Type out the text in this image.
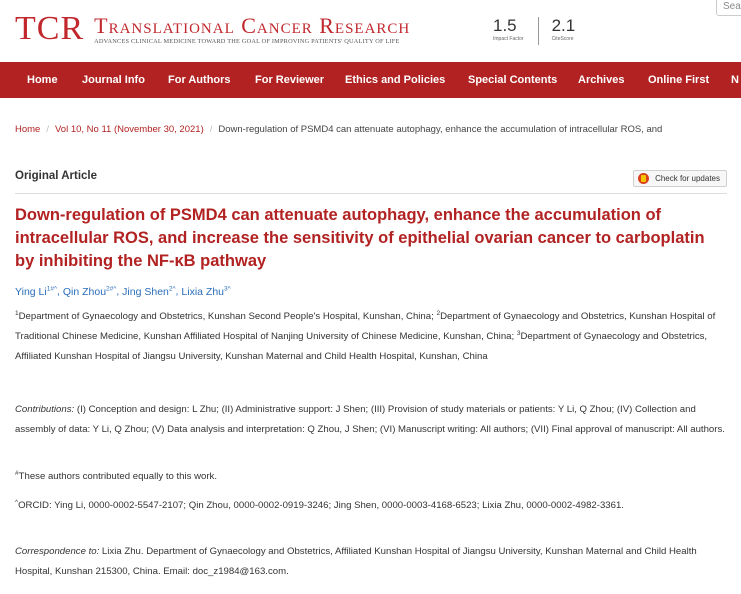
TCR Translational Cancer Research
ADVANCES CLINICAL MEDICINE TOWARD THE GOAL OF IMPROVING PATIENTS' QUALITY OF LIFE
1.5
Impact Factor
2.1
CiteScore
Sea
Home Journal Info For Authors For Reviewer Ethics and Policies Special Contents Archives Online First N
Home / Vol 10, No 11 (November 30, 2021) / Down-regulation of PSMD4 can attenuate autophagy, enhance the accumulation of intracellular ROS, and
Original Article	Check for updates
Down-regulation of PSMD4 can attenuate autophagy, enhance the accumulation of intracellular ROS, and increase the sensitivity of epithelial ovarian cancer to carboplatin by inhibiting the NF-κB pathway
Ying $Li^{1\#\^{}}$, Qin Zhou$^{2\#\^{}}$, Jing Shen$^{2\^{}}$, Lixia Zhu$^{3\^{}}$
$^1$Department of Gynaecology and Obstetrics, Kunshan Second People's Hospital, Kunshan, China; $^2$Department of Gynaecology and Obstetrics, Kunshan Hospital of Traditional Chinese Medicine, Kunshan Affiliated Hospital of Nanjing University of Chinese Medicine, Kunshan, China; $^3$Department of Gynaecology and Obstetrics, Affiliated Kunshan Hospital of Jiangsu University, Kunshan Maternal and Child Health Hospital, Kunshan, China
Contributions: (I) Conception and design: L Zhu; (II) Administrative support: J Shen; (III) Provision of study materials or patients: Y Li, Q Zhou; (IV) Collection and assembly of data: Y Li, Q Zhou; (V) Data analysis and interpretation: Q Zhou, J Shen; (VI) Manuscript writing: All authors; (VII) Final approval of manuscript: All authors.
#These authors contributed equally to this work.
^ORCID: Ying Li, 0000-0002-5547-2107; Qin Zhou, 0000-0002-0919-3246; Jing Shen, 0000-0003-4168-6523; Lixia Zhu, 0000-0002-4982-3361.
Correspondence to: Lixia Zhu. Department of Gynaecology and Obstetrics, Affiliated Kunshan Hospital of Jiangsu University, Kunshan Maternal and Child Health Hospital, Kunshan 215300, China. Email: doc_z1984@163.com.
